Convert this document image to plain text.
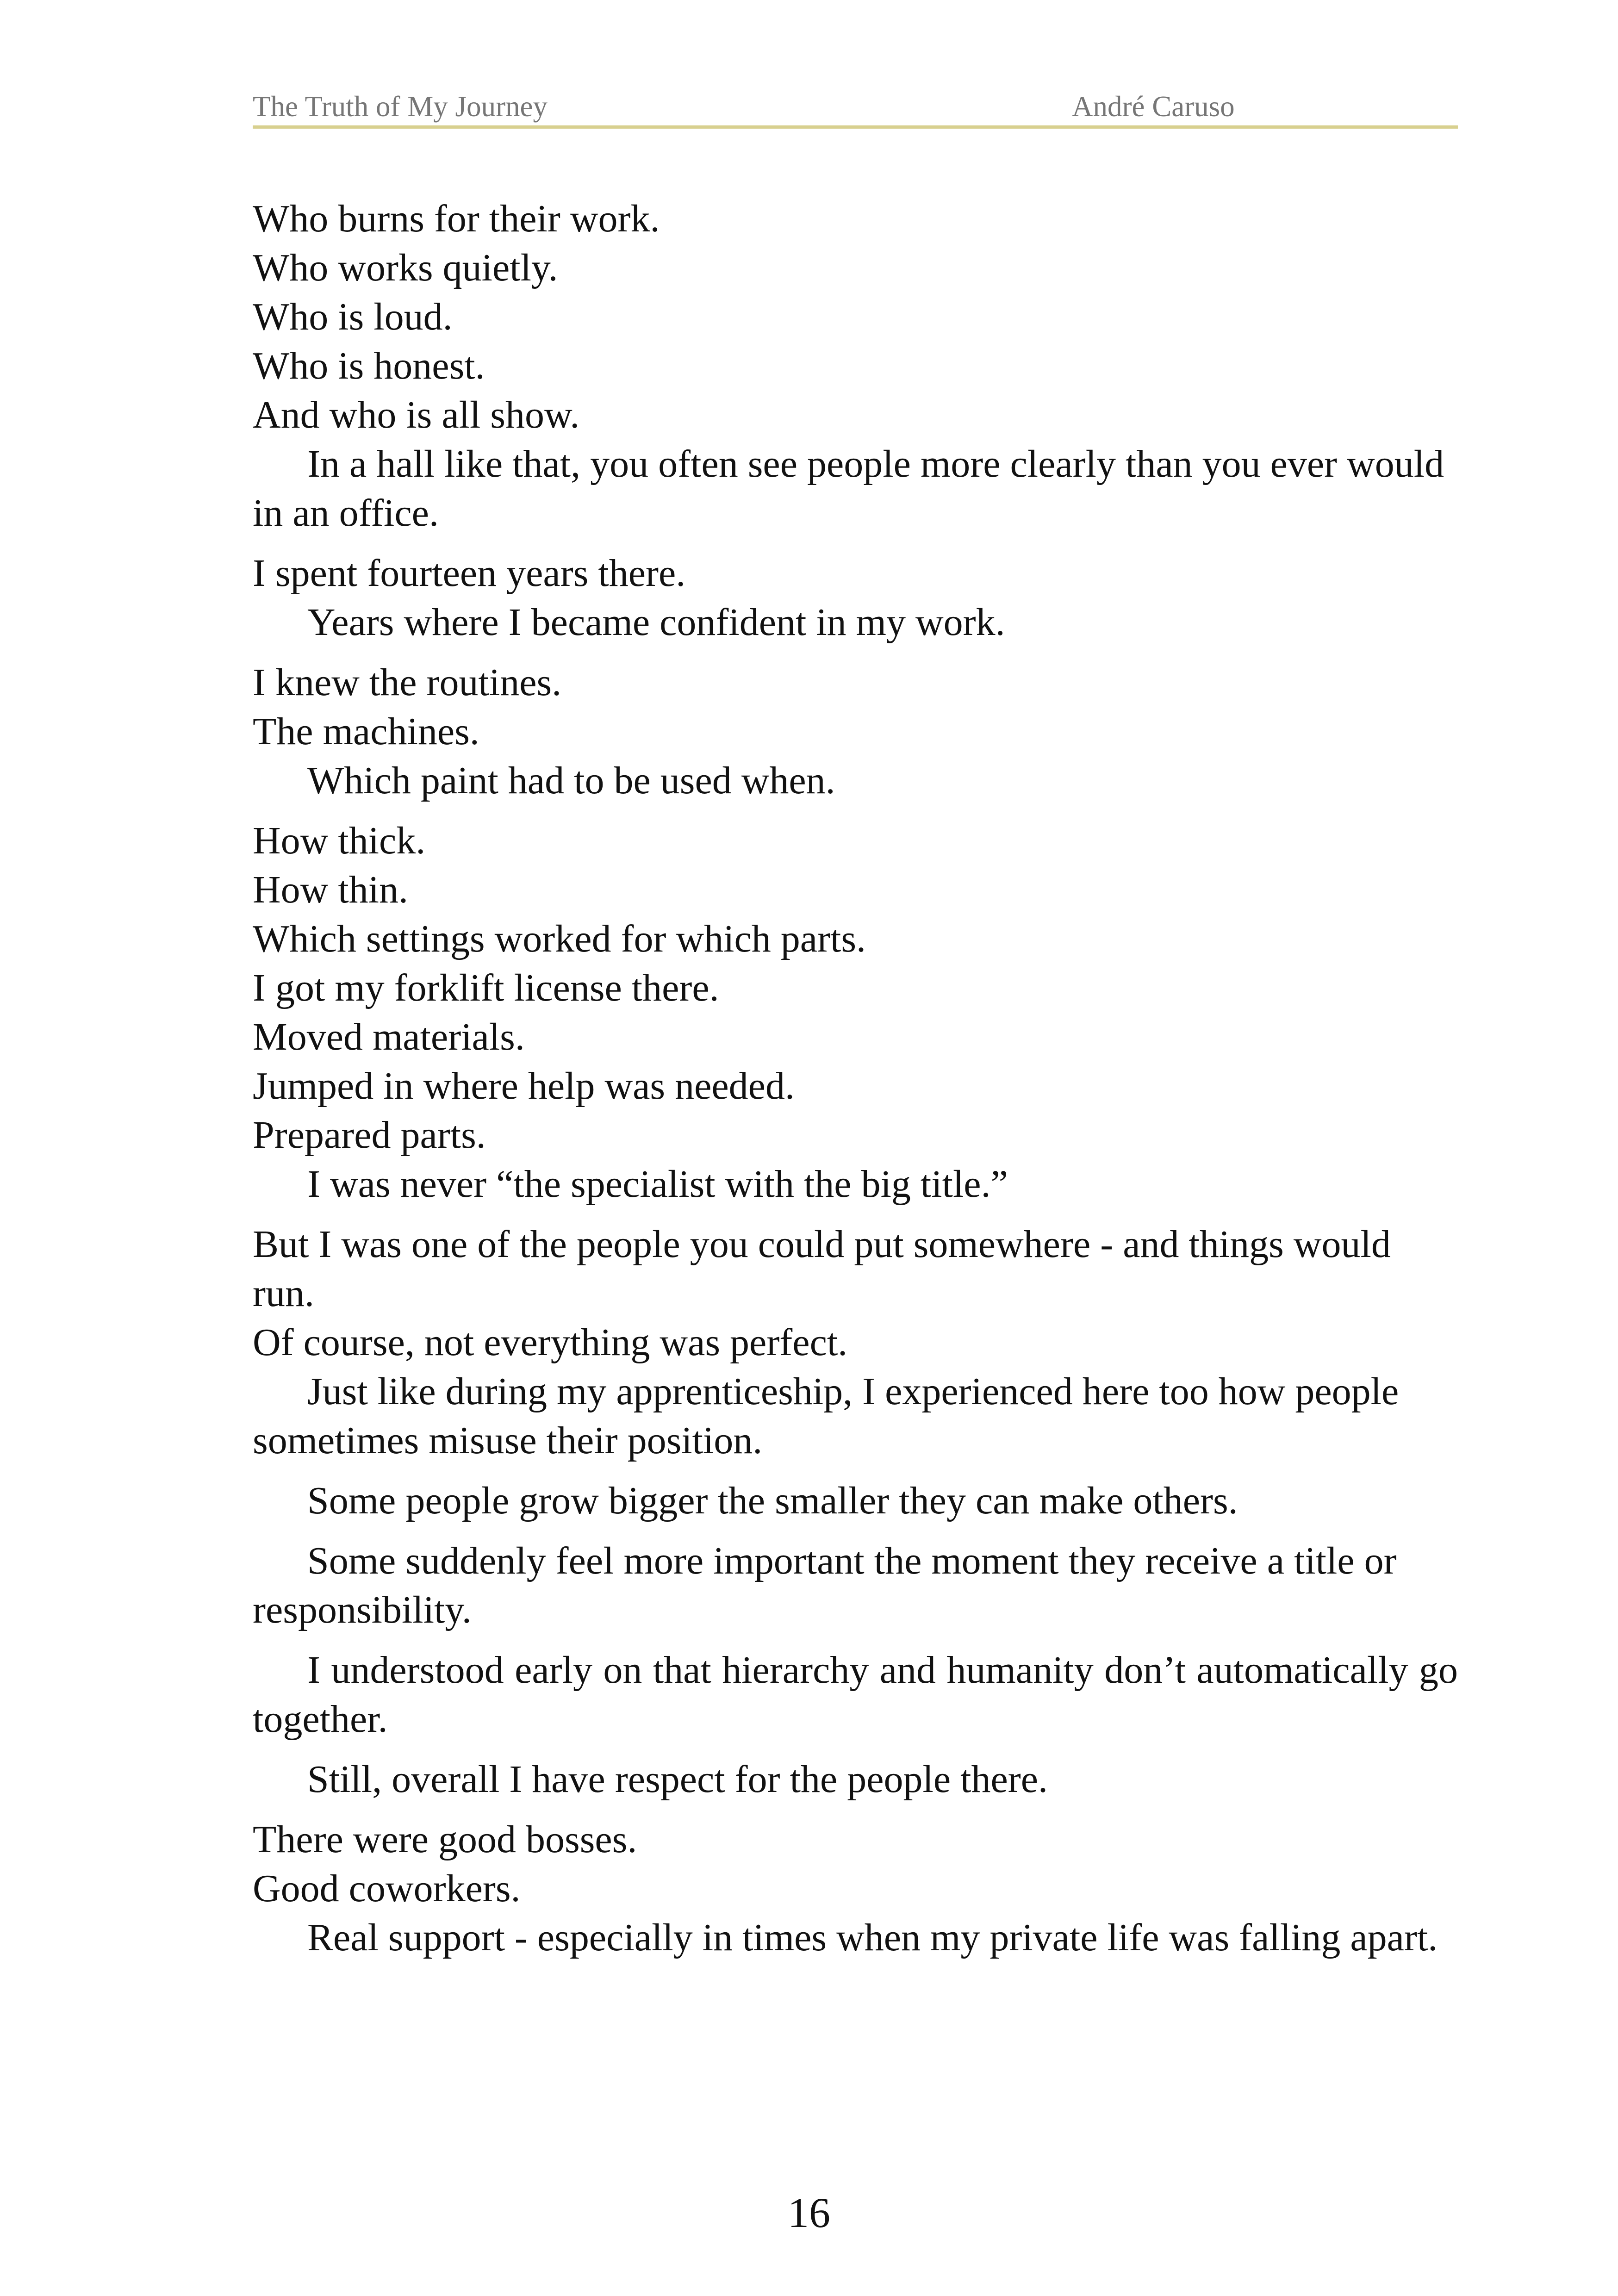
The Truth of My Journey	André Caruso

Who burns for their work.

Who works quietly.

Who is loud.

Who is honest.

And who is all show.

In a hall like that, you often see people more clearly than you ever would in an office.

I spent fourteen years there.

Years where I became confident in my work.

I knew the routines.

The machines.

Which paint had to be used when.

How thick.

How thin.

Which settings worked for which parts.

I got my forklift license there.

Moved materials.

Jumped in where help was needed.

Prepared parts.

I was never “the specialist with the big title.”

But I was one of the people you could put somewhere - and things would run.

Of course, not everything was perfect.

Just like during my apprenticeship, I experienced here too how people sometimes misuse their position.

Some people grow bigger the smaller they can make others.

Some suddenly feel more important the moment they receive a title or responsibility.

I understood early on that hierarchy and humanity don’t automatically go together.

Still, overall I have respect for the people there.

There were good bosses.

Good coworkers.

Real support - especially in times when my private life was falling apart.

16
